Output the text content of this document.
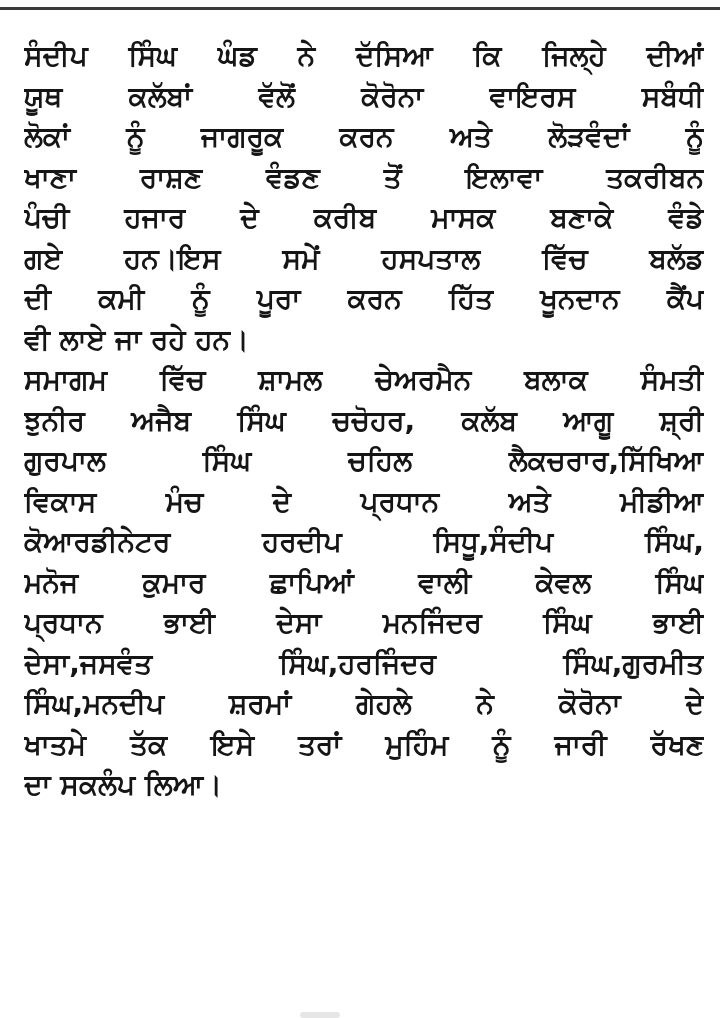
ਸੰਦੀਪ ਸਿੰਘ ਘੰਡ ਨੇ ਦੱਸਿਆ ਕਿ ਜਿਲ੍ਹੇ ਦੀਆਂ
ਯੂਥ ਕਲੱਬਾਂ ਵੱਲੋਂ ਕੋਰੋਨਾ ਵਾਇਰਸ ਸਬੰਧੀ
ਲੋਕਾਂ ਨੂੰ ਜਾਗਰੂਕ ਕਰਨ ਅਤੇ ਲੋੜਵੰਦਾਂ ਨੂੰ
ਖਾਣਾ ਰਾਸ਼ਣ ਵੰਡਣ ਤੋਂ ਇਲਾਵਾ ਤਕਰੀਬਨ
ਪੰਚੀ ਹਜਾਰ ਦੇ ਕਰੀਬ ਮਾਸਕ ਬਣਾਕੇ ਵੰਡੇ
ਗਏ ਹਨ।ਇਸ ਸਮੇਂ ਹਸਪਤਾਲ ਵਿੱਚ ਬਲੱਡ
ਦੀ ਕਮੀ ਨੂੰ ਪੂਰਾ ਕਰਨ ਹਿੱਤ ਖੂਨਦਾਨ ਕੈਂਪ
ਵੀ ਲਾਏ ਜਾ ਰਹੇ ਹਨ।
ਸਮਾਗਮ ਵਿੱਚ ਸ਼ਾਮਲ ਚੇਅਰਮੈਨ ਬਲਾਕ ਸੰਮਤੀ
ਝੁਨੀਰ ਅਜੈਬ ਸਿੰਘ ਚਚੋਹਰ, ਕਲੱਬ ਆਗੂ ਸ਼੍ਰੀ
ਗੁਰਪਾਲ ਸਿੰਘ ਚਹਿਲ ਲੈਕਚਰਾਰ,ਸਿੱਖਿਆ
ਵਿਕਾਸ ਮੰਚ ਦੇ ਪ੍ਰਧਾਨ ਅਤੇ ਮੀਡੀਆ
ਕੋਆਰਡੀਨੇਟਰ ਹਰਦੀਪ ਸਿਧੂ,ਸੰਦੀਪ ਸਿੰਘ,
ਮਨੋਜ ਕੁਮਾਰ ਛਾਪਿਆਂ ਵਾਲੀ ਕੇਵਲ ਸਿੰਘ
ਪ੍ਰਧਾਨ ਭਾਈ ਦੇਸਾ ਮਨਜਿੰਦਰ ਸਿੰਘ ਭਾਈ
ਦੇਸਾ,ਜਸਵੰਤ ਸਿੰਘ,ਹਰਜਿੰਦਰ ਸਿੰਘ,ਗੁਰਮੀਤ
ਸਿੰਘ,ਮਨਦੀਪ ਸ਼ਰਮਾਂ ਗੇਹਲੇ ਨੇ ਕੋਰੋਨਾ ਦੇ
ਖਾਤਮੇ ਤੱਕ ਇਸੇ ਤਰਾਂ ਮੁਹਿੰਮ ਨੂੰ ਜਾਰੀ ਰੱਖਣ
ਦਾ ਸਕਲੰਪ ਲਿਆ।
